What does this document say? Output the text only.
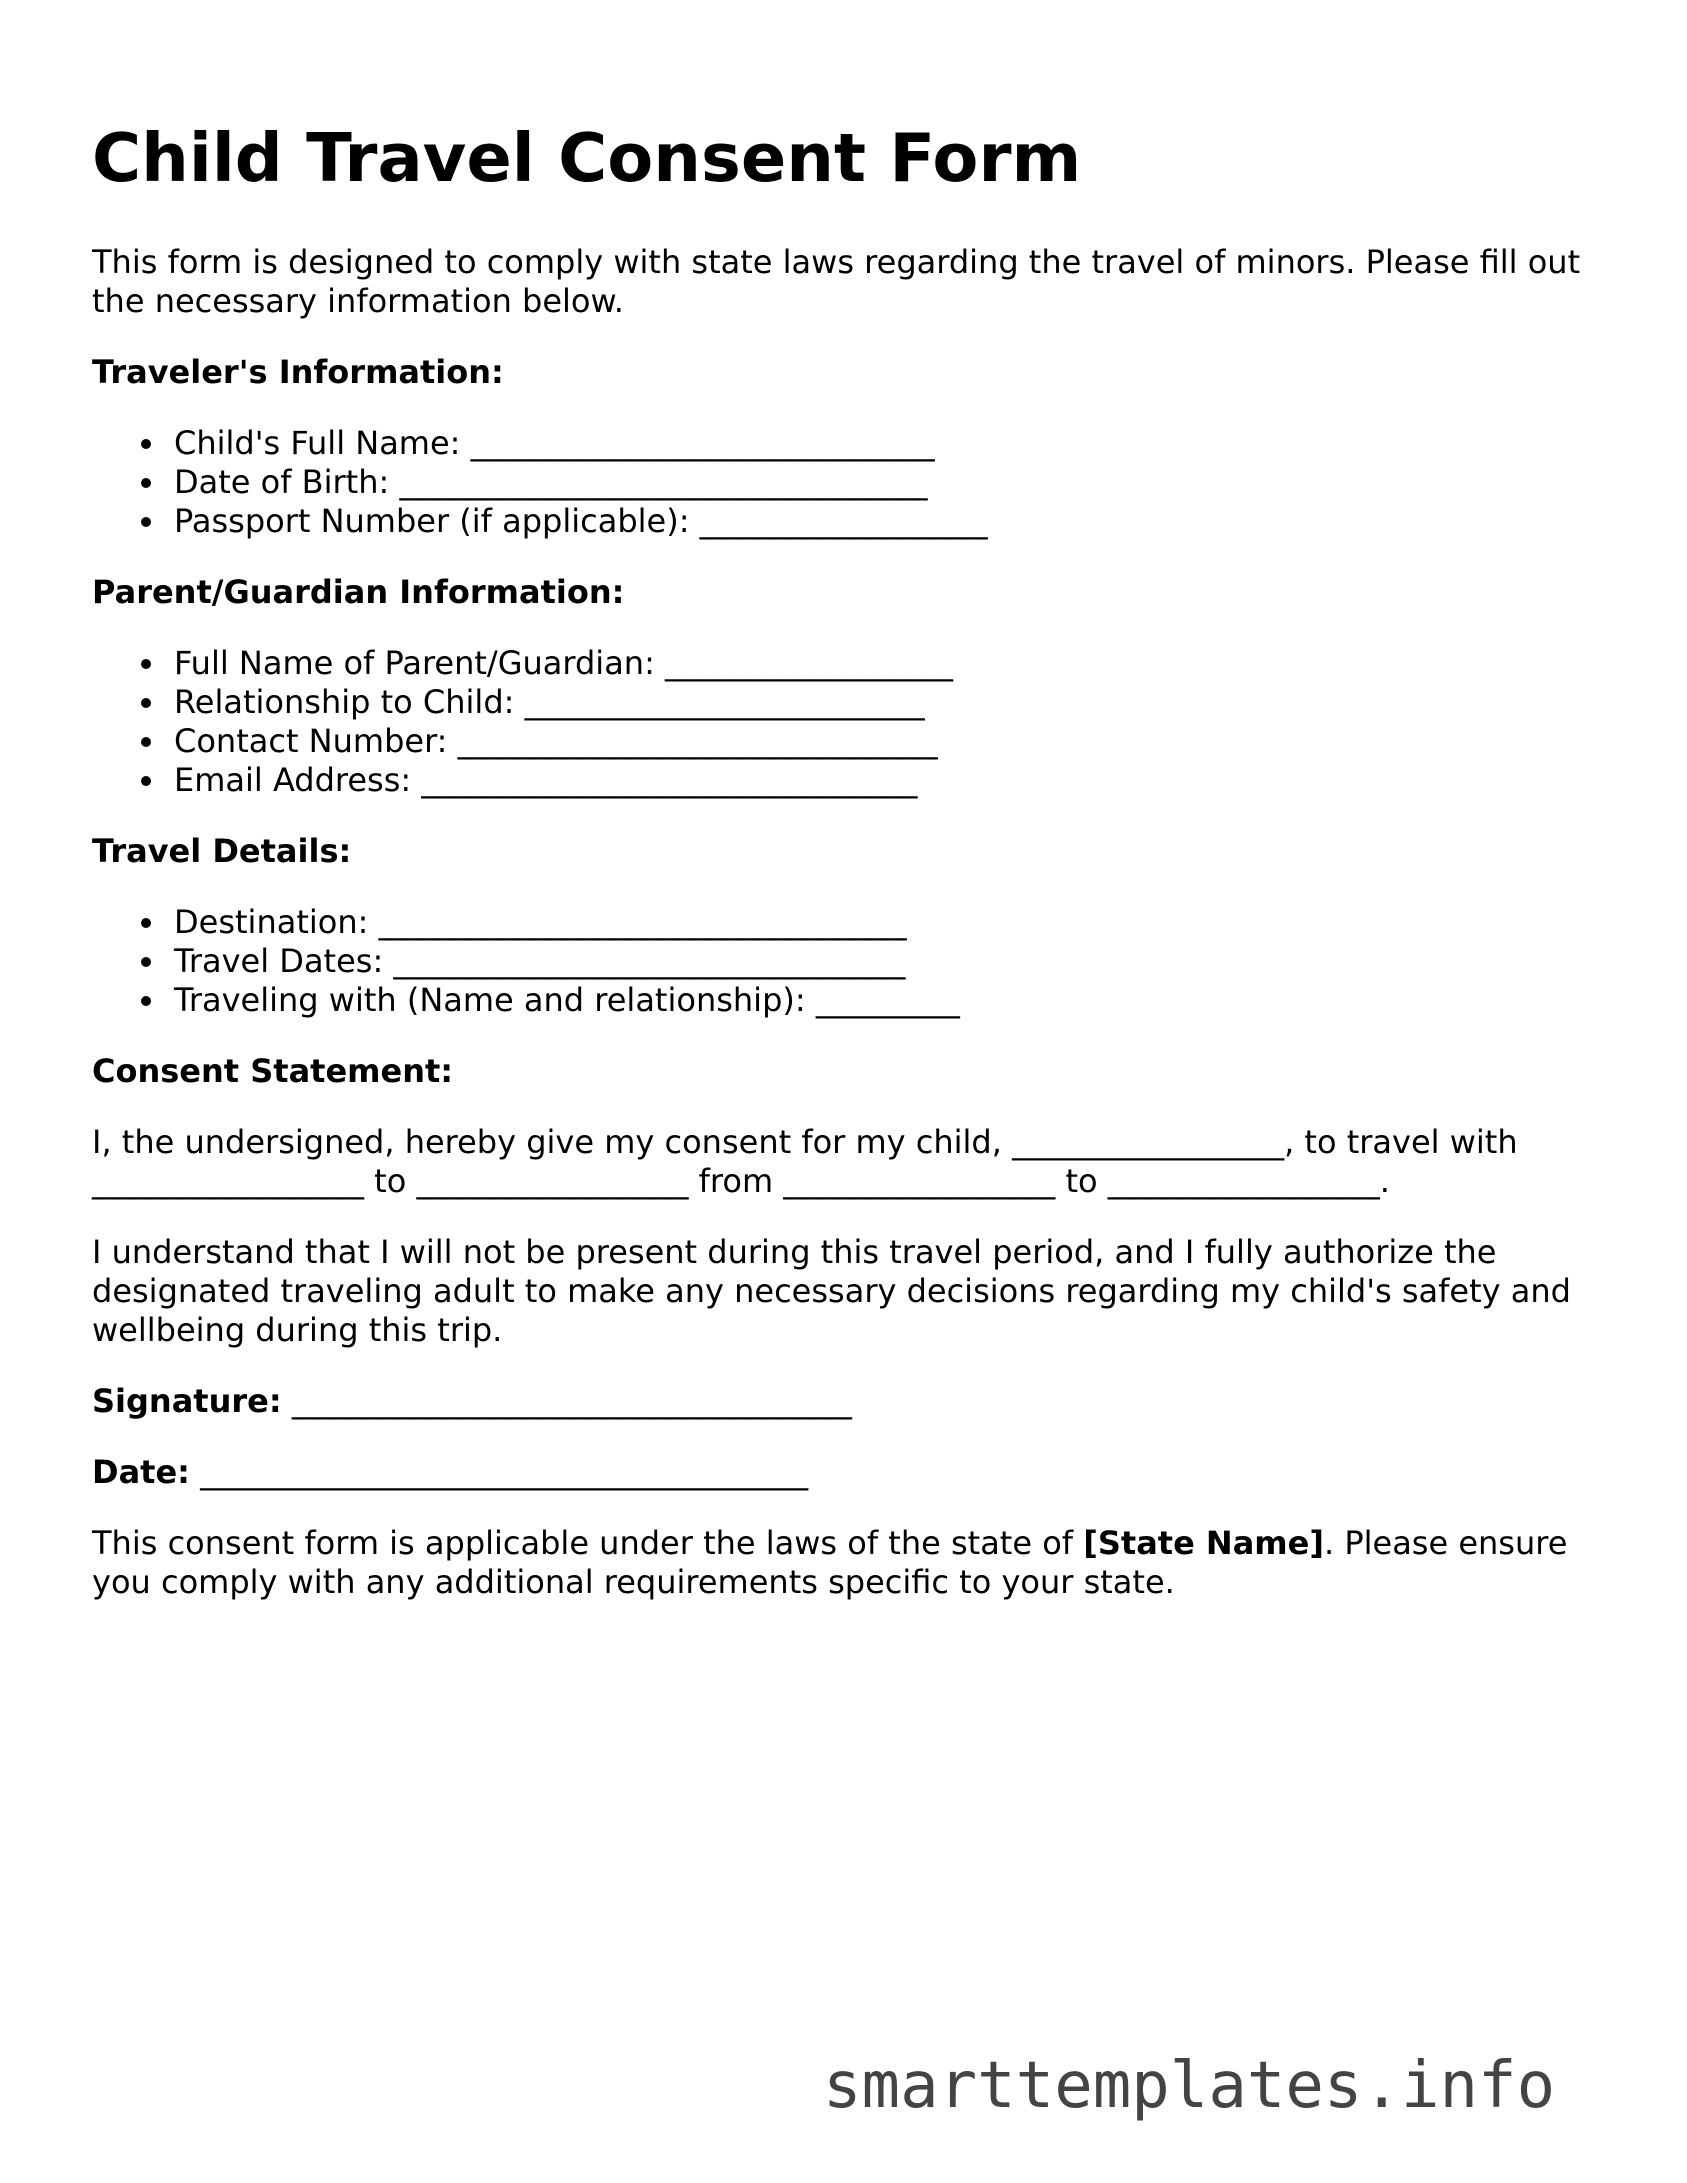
Child Travel Consent Form

This form is designed to comply with state laws regarding the travel of minors. Please fill out the necessary information below.

Traveler's Information:
Child's Full Name: _____________________________
Date of Birth: _________________________________
Passport Number (if applicable): __________________
Parent/Guardian Information:
Full Name of Parent/Guardian: __________________
Relationship to Child: _________________________
Contact Number: ______________________________
Email Address: _______________________________
Travel Details:
Destination: _________________________________
Travel Dates: ________________________________
Traveling with (Name and relationship): _________
Consent Statement:

I, the undersigned, hereby give my consent for my child, _________________, to travel with _________________ to _________________ from _________________ to _________________.

I understand that I will not be present during this travel period, and I fully authorize the designated traveling adult to make any necessary decisions regarding my child's safety and wellbeing during this trip.

Signature: ___________________________________
Date: ______________________________________

This consent form is applicable under the laws of the state of [State Name]. Please ensure you comply with any additional requirements specific to your state.

smarttemplates.info
